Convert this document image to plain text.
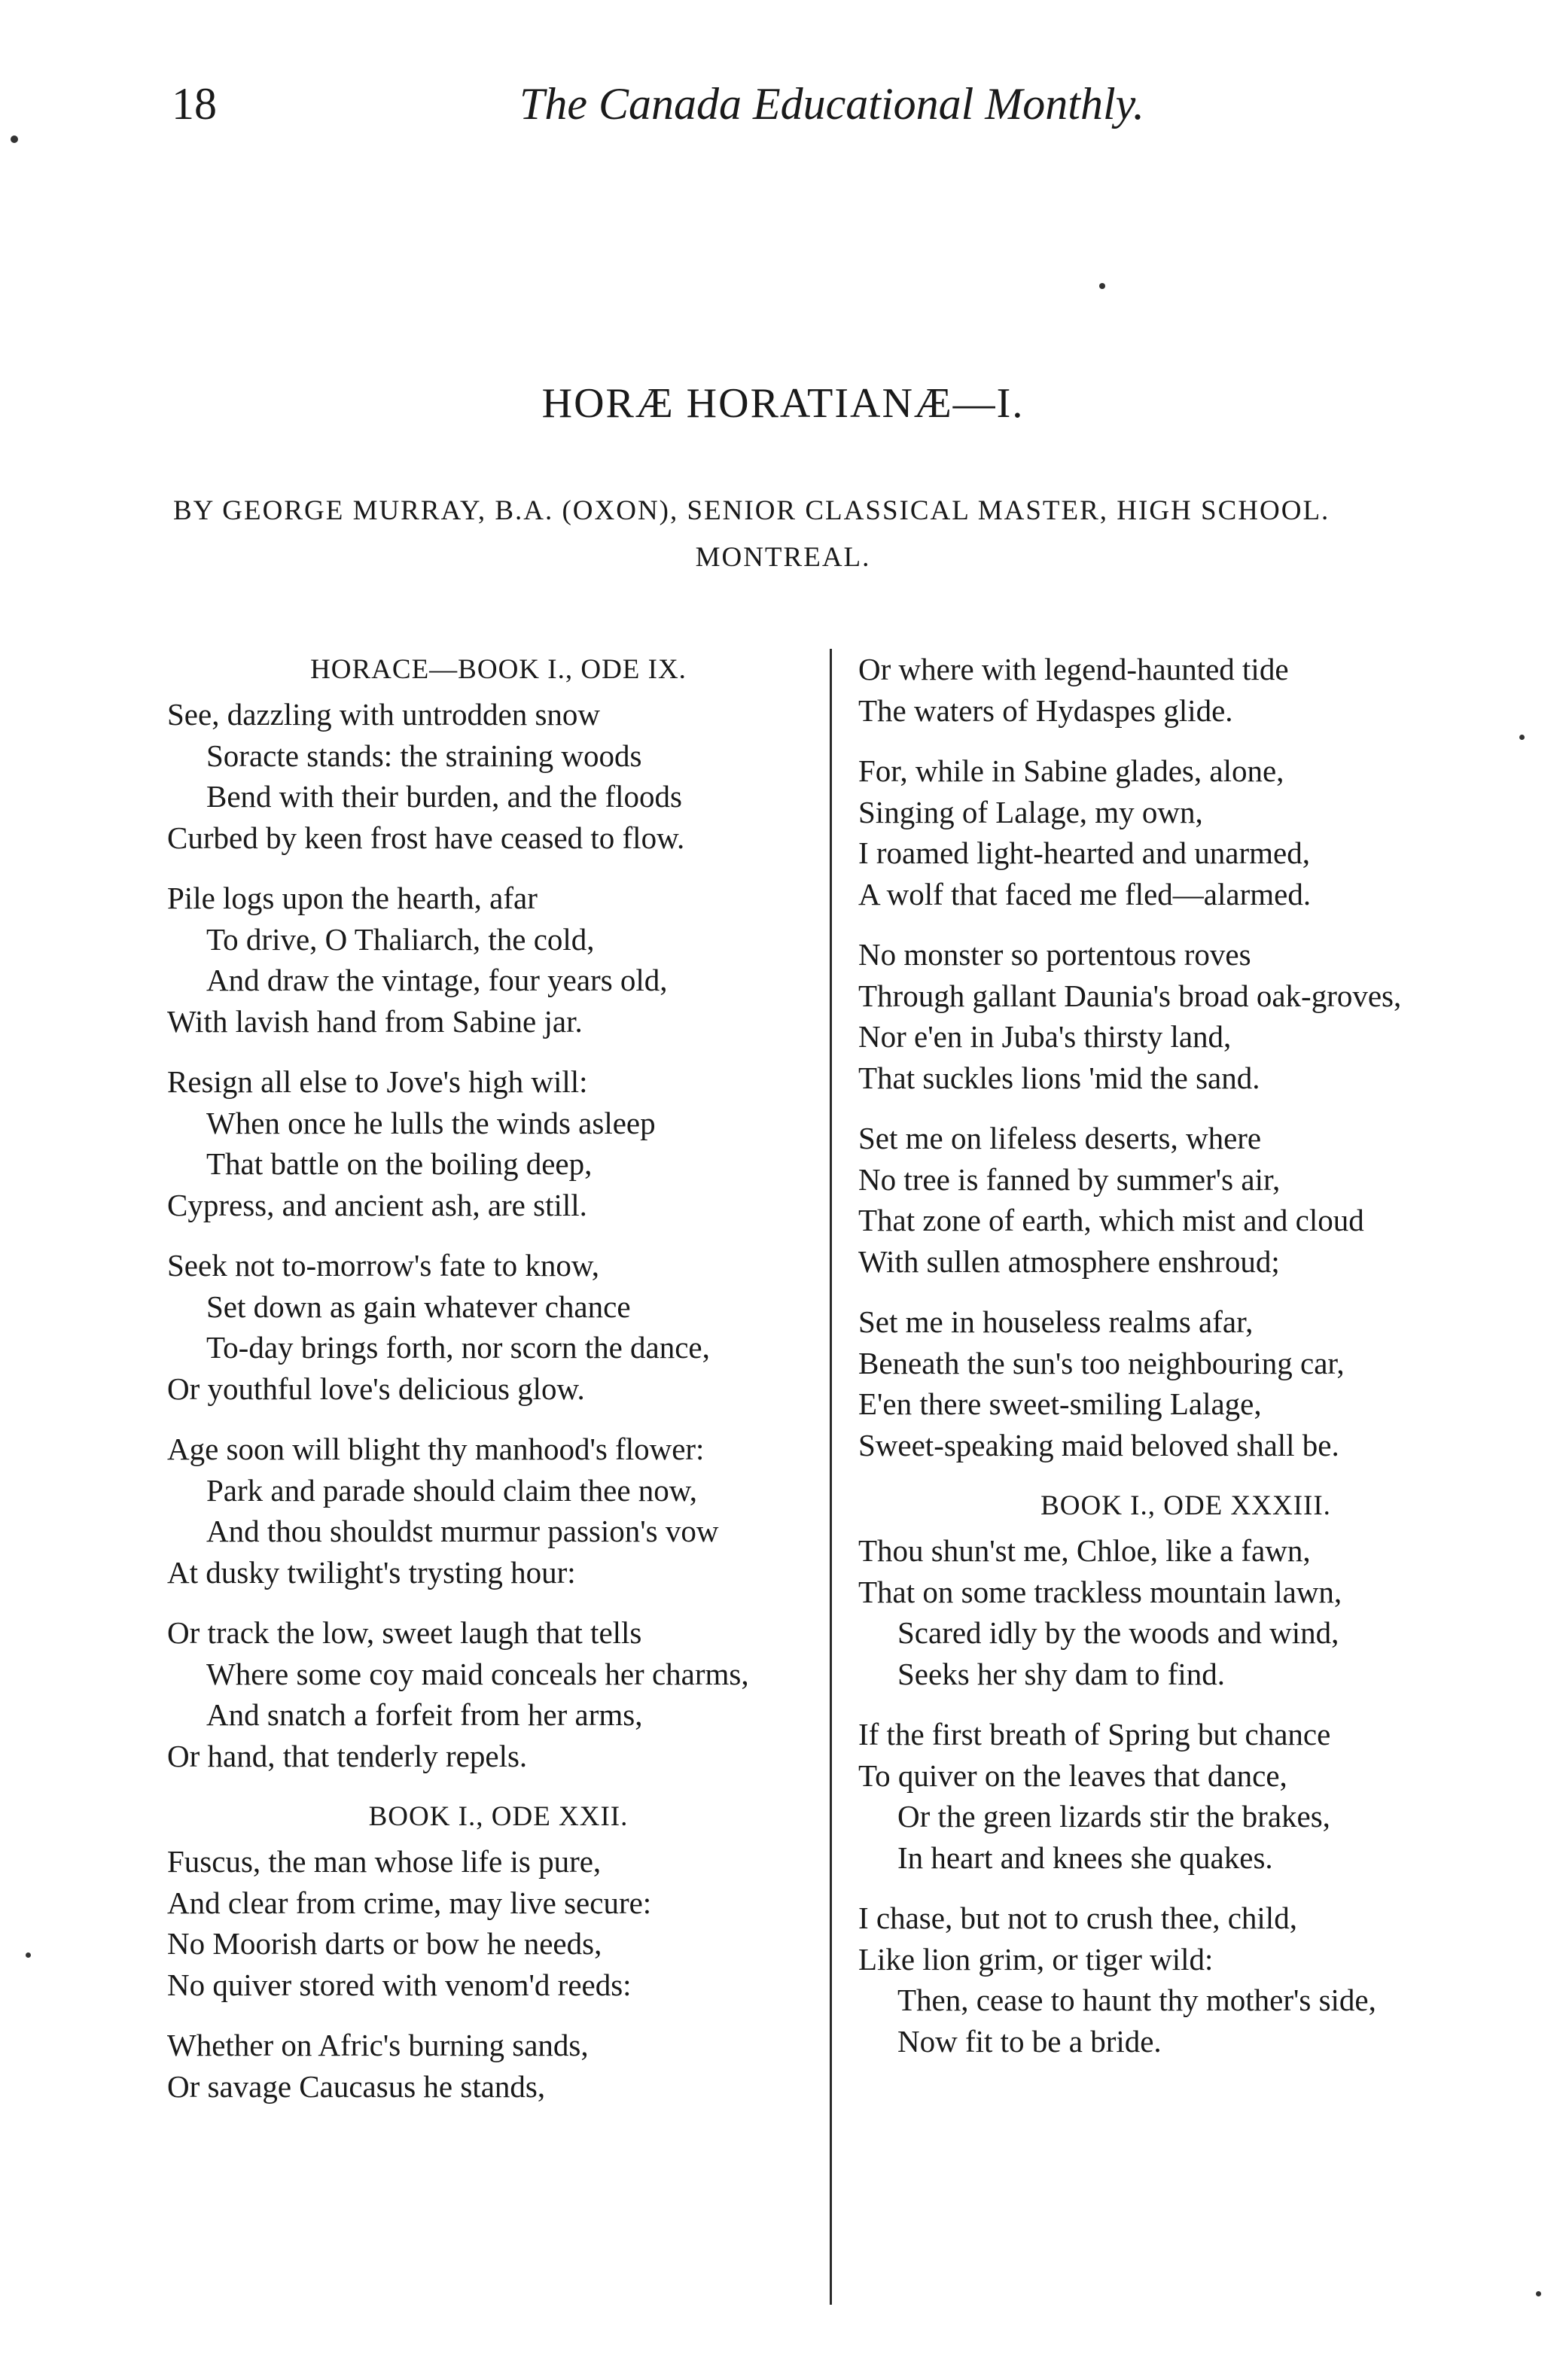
18	The Canada Educational Monthly.
HORÆ HORATIANÆ—I.
BY GEORGE MURRAY, B.A. (OXON), SENIOR CLASSICAL MASTER, HIGH SCHOOL.
MONTREAL.
HORACE—BOOK I., ODE IX.
See, dazzling with untrodden snow
Soracte stands: the straining woods
Bend with their burden, and the floods
Curbed by keen frost have ceased to flow.
Pile logs upon the hearth, afar
To drive, O Thaliarch, the cold,
And draw the vintage, four years old,
With lavish hand from Sabine jar.
Resign all else to Jove's high will:
When once he lulls the winds asleep
That battle on the boiling deep,
Cypress, and ancient ash, are still.
Seek not to-morrow's fate to know,
Set down as gain whatever chance
To-day brings forth, nor scorn the dance,
Or youthful love's delicious glow.
Age soon will blight thy manhood's flower:
Park and parade should claim thee now,
And thou shouldst murmur passion's vow
At dusky twilight's trysting hour:
Or track the low, sweet laugh that tells
Where some coy maid conceals her charms,
And snatch a forfeit from her arms,
Or hand, that tenderly repels.
BOOK I., ODE XXII.
Fuscus, the man whose life is pure,
And clear from crime, may live secure:
No Moorish darts or bow he needs,
No quiver stored with venom'd reeds:
Whether on Afric's burning sands,
Or savage Caucasus he stands,
Or where with legend-haunted tide
The waters of Hydaspes glide.
For, while in Sabine glades, alone,
Singing of Lalage, my own,
I roamed light-hearted and unarmed,
A wolf that faced me fled—alarmed.
No monster so portentous roves
Through gallant Daunia's broad oak-groves,
Nor e'en in Juba's thirsty land,
That suckles lions 'mid the sand.
Set me on lifeless deserts, where
No tree is fanned by summer's air,
That zone of earth, which mist and cloud
With sullen atmosphere enshroud;
Set me in houseless realms afar,
Beneath the sun's too neighbouring car,
E'en there sweet-smiling Lalage,
Sweet-speaking maid beloved shall be.
BOOK I., ODE XXXIII.
Thou shun'st me, Chloe, like a fawn,
That on some trackless mountain lawn,
Scared idly by the woods and wind,
Seeks her shy dam to find.
If the first breath of Spring but chance
To quiver on the leaves that dance,
Or the green lizards stir the brakes,
In heart and knees she quakes.
I chase, but not to crush thee, child,
Like lion grim, or tiger wild:
Then, cease to haunt thy mother's side,
Now fit to be a bride.
